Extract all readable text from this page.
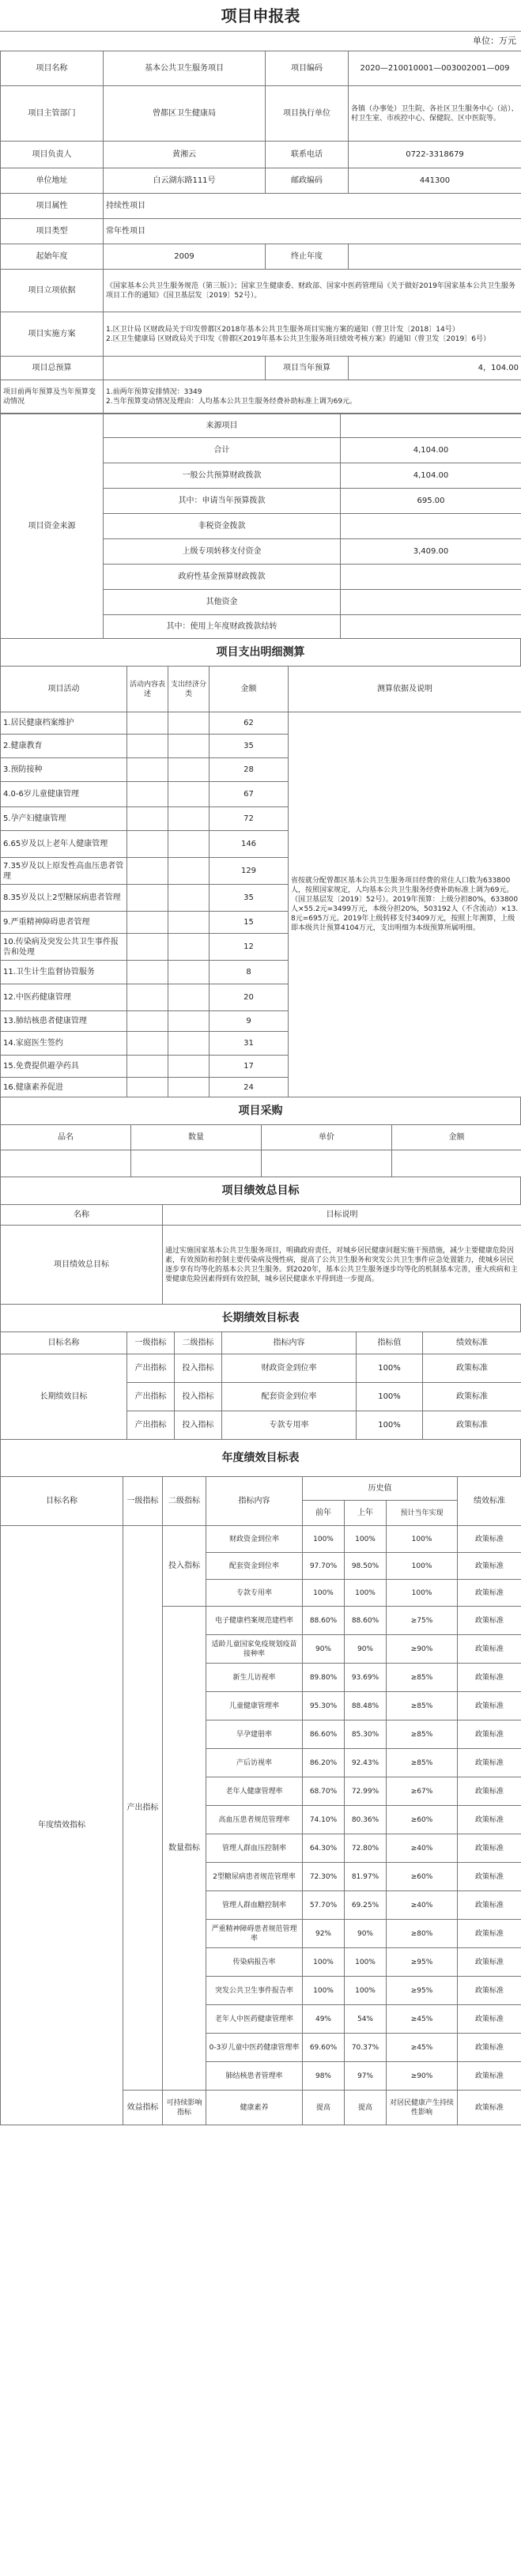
项目申报表
单位：万元
项目名称	基本公共卫生服务项目	项目编码	2020—210010001—003002001—009
项目主管部门	曾都区卫生健康局	项目执行单位	各镇（办事处）卫生院、各社区卫生服务中心（站）、村卫生室、市疾控中心、保健院、区中医院等。
项目负责人	黄湘云	联系电话	0722-3318679
单位地址	白云湖东路111号	邮政编码	441300
项目属性	持续性项目		
项目类型	常年性项目		
起始年度	2009	终止年度	
项目立项依据	《国家基本公共卫生服务规范（第三版）》；国家卫生健康委、财政部、国家中医药管理局《关于做好2019年国家基本公共卫生服务项目工作的通知》（国卫基层发〔2019〕52号）。		
项目实施方案	1.区卫计局 区财政局关于印发曾都区2018年基本公共卫生服务项目实施方案的通知（曾卫计发〔2018〕14号）
2.区卫生健康局 区财政局关于印发《曾都区2019年基本公共卫生服务项目绩效考核方案》的通知（曾卫发〔2019〕6号）		
项目总预算		项目当年预算	4，104.00
项目前两年预算及当年预算变动情况	1.前两年预算安排情况：3349
2.当年预算变动情况及理由：人均基本公共卫生服务经费补助标准上调为69元。		
项目资金来源	来源项目	
	合计	4,104.00
	一般公共预算财政拨款	4,104.00
	其中：申请当年预算拨款	695.00
	非税资金拨款	
	上级专项转移支付资金	3,409.00
	政府性基金预算财政拨款	
	其他资金	
	其中：使用上年度财政拨款结转	
项目支出明细测算
项目活动	活动内容表述	支出经济分类	金额	测算依据及说明
1.居民健康档案维护			62	省按就分配曾都区基本公共卫生服务项目经费的常住人口数为633800人，按照国家规定，人均基本公共卫生服务经费补助标准上调为69元。（国卫基层发〔2019〕52号）。2019年预算：上级分担80%，633800人×55.2元=3499万元，本级分担20%，503192人（不含流动）×13.8元=695万元。2019年上级转移支付3409万元，按照上年测算，上级即本级共计预算4104万元，支出明细为本级预算所属明细。
2.健康教育			35	
3.预防接种			28	
4.0-6岁儿童健康管理			67	
5.孕产妇健康管理			72	
6.65岁及以上老年人健康管理			146	
7.35岁及以上原发性高血压患者管理			129	
8.35岁及以上2型糖尿病患者管理			35	
9.严重精神障碍患者管理			15	
10.传染病及突发公共卫生事件报告和处理			12	
11.卫生计生监督协管服务			8	
12.中医药健康管理			20	
13.肺结核患者健康管理			9	
14.家庭医生签约			31	
15.免费提供避孕药具			17	
16.健康素养促进			24	
项目采购
品名	数量	单价	金额

项目绩效总目标
名称	目标说明
项目绩效总目标	通过实施国家基本公共卫生服务项目，明确政府责任，对城乡居民健康问题实施干预措施，减少主要健康危险因素，有效预防和控制主要传染病及慢性病，提高了公共卫生服务和突发公共卫生事件应急处置能力，使城乡居民逐步享有均等化的基本公共卫生服务。到2020年，基本公共卫生服务逐步均等化的机制基本完善，重大疾病和主要健康危险因素得到有效控制，城乡居民健康水平得到进一步提高。
长期绩效目标表
目标名称	一级指标	二级指标	指标内容	指标值	绩效标准
长期绩效目标	产出指标	投入指标	财政资金到位率	100%	政策标准
	产出指标	投入指标	配套资金到位率	100%	政策标准
	产出指标	投入指标	专款专用率	100%	政策标准
年度绩效目标表
目标名称	一级指标	二级指标	指标内容	历史值			绩效标准
				前年	上年	预计当年实现	
年度绩效指标	产出指标	投入指标	财政资金到位率	100%	100%	100%	政策标准
			配套资金到位率	97.70%	98.50%	100%	政策标准
			专款专用率	100%	100%	100%	政策标准
		数量指标	电子健康档案规范建档率	88.60%	88.60%	≥75%	政策标准
			适龄儿童国家免疫规划疫苗接种率	90%	90%	≥90%	政策标准
			新生儿访视率	89.80%	93.69%	≥85%	政策标准
			儿童健康管理率	95.30%	88.48%	≥85%	政策标准
			早孕建册率	86.60%	85.30%	≥85%	政策标准
			产后访视率	86.20%	92.43%	≥85%	政策标准
			老年人健康管理率	68.70%	72.99%	≥67%	政策标准
			高血压患者规范管理率	74.10%	80.36%	≥60%	政策标准
			管理人群血压控制率	64.30%	72.80%	≥40%	政策标准
			2型糖尿病患者规范管理率	72.30%	81.97%	≥60%	政策标准
			管理人群血糖控制率	57.70%	69.25%	≥40%	政策标准
			严重精神障碍患者规范管理率	92%	90%	≥80%	政策标准
			传染病报告率	100%	100%	≥95%	政策标准
			突发公共卫生事件报告率	100%	100%	≥95%	政策标准
			老年人中医药健康管理率	49%	54%	≥45%	政策标准
			0-3岁儿童中医药健康管理率	69.60%	70.37%	≥45%	政策标准
			肺结核患者管理率	98%	97%	≥90%	政策标准
	效益指标	可持续影响指标	健康素养	提高	提高	对居民健康产生持续性影响	政策标准
